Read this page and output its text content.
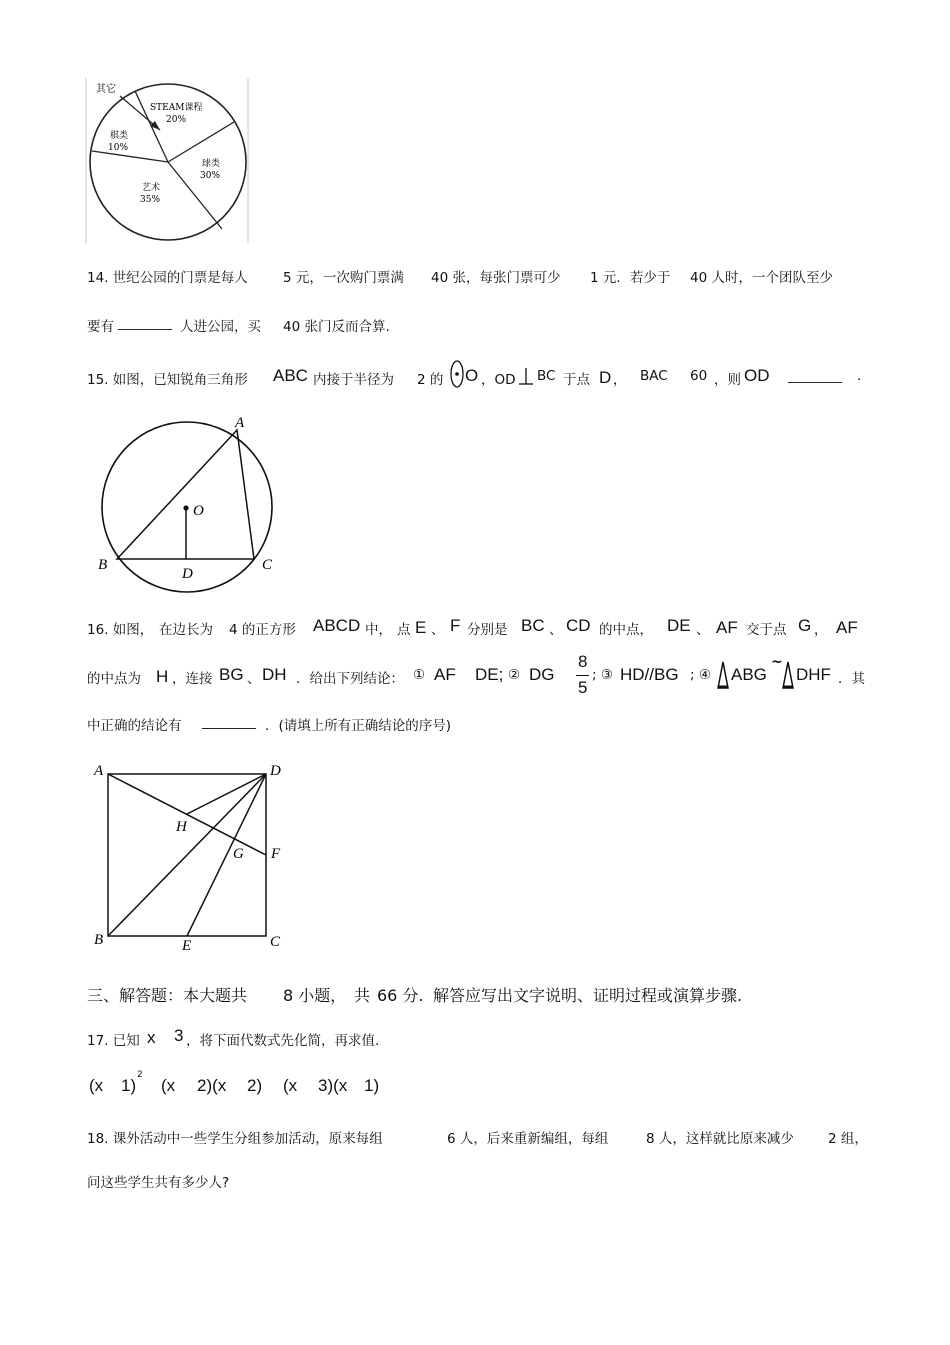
其它
STEAM课程
20%
球类
30%
艺术
35%
棋类
10%
14. 世纪公园的门票是每人	5 元，一次购门票满 40 张，每张门票可少 1 元．若少于 40 人时，一个团队至少
要有 ________ 人进公园，买 40 张门反而合算.
15. 如图，已知锐角三角形 ABC 内接于半径为 2 的 O ，OD BC 于点 D ， BAC 60 ，则 OD ________ .
A
B	C
D
O
16. 如图， 在边长为 4 的正方形 ABCD 中， 点 E 、 F 分别是 BC 、 CD 的中点， DE 、 AF 交于点 G ， AF
的中点为 H ，连接 BG 、 DH ．给出下列结论： ① AF DE; ② DG
8
5
; ③ HD//BG ; ④ ABG
~
DHF ．其
中正确的结论有 ________ ．(请填上所有正确结论的序号)
A	D
B	C
E
F
G
H
三、解答题：本大题共 8 小题， 共 66 分. 解答应写出文字说明、证明过程或演算步骤.
17. 已知 x 3 ，将下面代数式先化简，再求值.
(x 1)
2
(x 2)(x 2) (x 3)(x 1)
18. 课外活动中一些学生分组参加活动，原来每组	6 人，后来重新编组，每组	8 人，这样就比原来减少	2 组，
问这些学生共有多少人?
